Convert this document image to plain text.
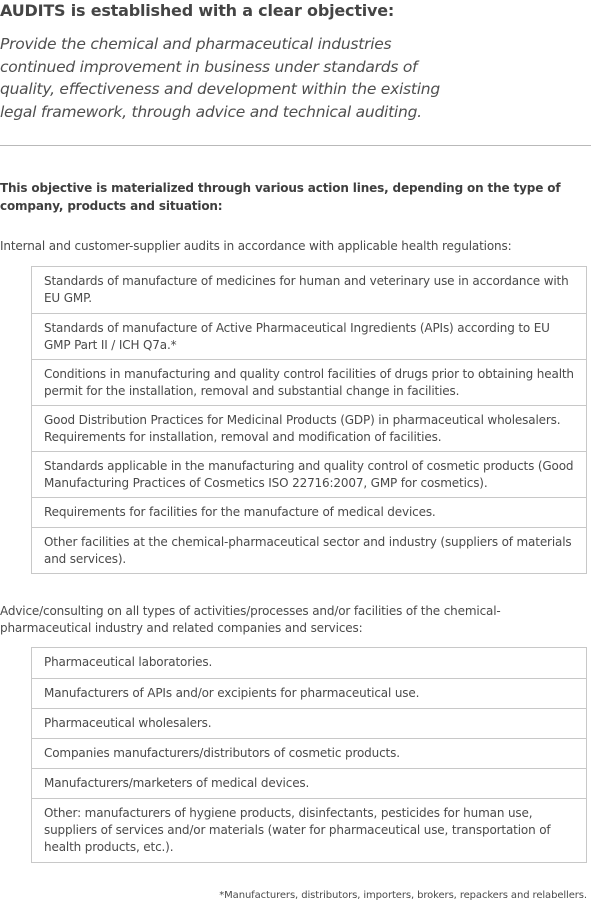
AUDITS is established with a clear objective:

Provide the chemical and pharmaceutical industries continued improvement in business under standards of quality, effectiveness and development within the existing legal framework, through advice and technical auditing.

This objective is materialized through various action lines, depending on the type of company, products and situation:

Internal and customer-supplier audits in accordance with applicable health regulations:

Standards of manufacture of medicines for human and veterinary use in accordance with EU GMP.
Standards of manufacture of Active Pharmaceutical Ingredients (APIs) according to EU GMP Part II / ICH Q7a.*
Conditions in manufacturing and quality control facilities of drugs prior to obtaining health permit for the installation, removal and substantial change in facilities.
Good Distribution Practices for Medicinal Products (GDP) in pharmaceutical wholesalers. Requirements for installation, removal and modification of facilities.
Standards applicable in the manufacturing and quality control of cosmetic products (Good Manufacturing Practices of Cosmetics ISO 22716:2007, GMP for cosmetics).
Requirements for facilities for the manufacture of medical devices.
Other facilities at the chemical-pharmaceutical sector and industry (suppliers of materials and services).

Advice/consulting on all types of activities/processes and/or facilities of the chemical-pharmaceutical industry and related companies and services:

Pharmaceutical laboratories.
Manufacturers of APIs and/or excipients for pharmaceutical use.
Pharmaceutical wholesalers.
Companies manufacturers/distributors of cosmetic products.
Manufacturers/marketers of medical devices.
Other: manufacturers of hygiene products, disinfectants, pesticides for human use, suppliers of services and/or materials (water for pharmaceutical use, transportation of health products, etc.).

*Manufacturers, distributors, importers, brokers, repackers and relabellers.
